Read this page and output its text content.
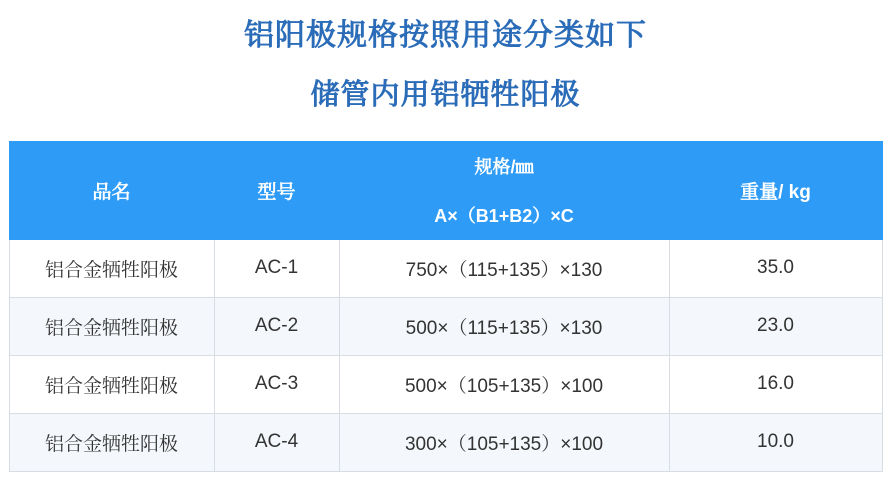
铝阳极规格按照用途分类如下
储管内用铝牺牲阳极
品名	型号	规格/㎜	重量/ kg
		A×（B1+B2）×C	
铝合金牺牲阳极	AC-1	750×（115+135）×130	35.0
铝合金牺牲阳极	AC-2	500×（115+135）×130	23.0
铝合金牺牲阳极	AC-3	500×（105+135）×100	16.0
铝合金牺牲阳极	AC-4	300×（105+135）×100	10.0
